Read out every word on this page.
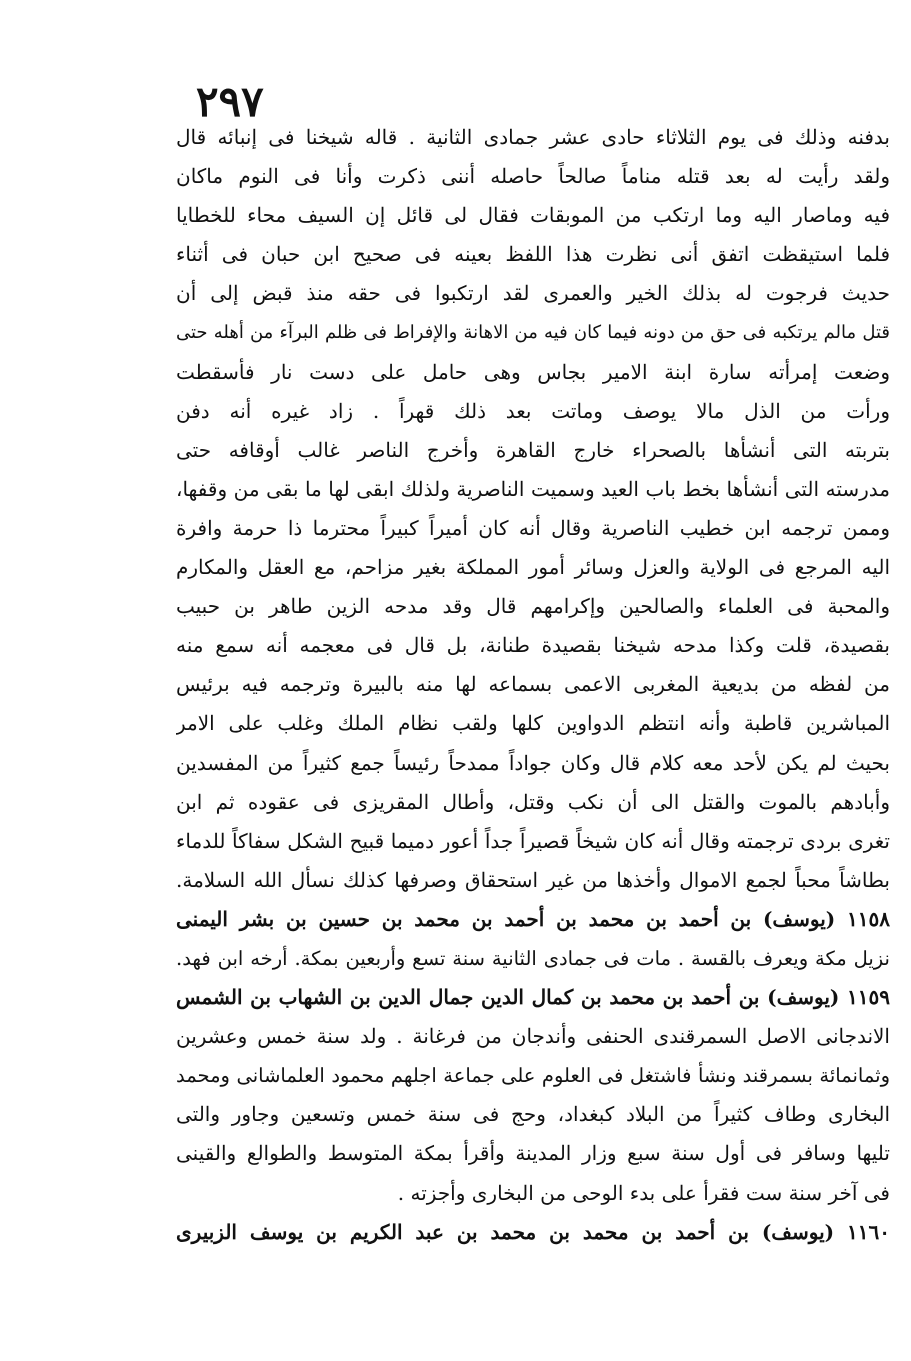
٢٩٧
بدفنه وذلك فى يوم الثلاثاء حادى عشر جمادى الثانية . قاله شيخنا فى إنبائه قال
ولقد رأيت له بعد قتله مناماً صالحاً حاصله أننى ذكرت وأنا فى النوم ماكان
فيه وماصار اليه وما ارتكب من الموبقات فقال لى قائل إن السيف محاء للخطايا
فلما استيقظت اتفق أنى نظرت هذا اللفظ بعينه فى صحيح ابن حبان فى أثناء
حديث فرجوت له بذلك الخير والعمرى لقد ارتكبوا فى حقه منذ قبض إلى أن
قتل مالم يرتكبه فى حق من دونه فيما كان فيه من الاهانة والإفراط فى ظلم البرآء من أهله حتى
وضعت إمرأته سارة ابنة الامير بجاس وهى حامل على دست نار فأسقطت
ورأت من الذل مالا يوصف وماتت بعد ذلك قهراً . زاد غيره أنه دفن
بتربته التى أنشأها بالصحراء خارج القاهرة وأخرج الناصر غالب أوقافه حتى
مدرسته التى أنشأها بخط باب العيد وسميت الناصرية ولذلك ابقى لها ما بقى من وقفها،
وممن ترجمه ابن خطيب الناصرية وقال أنه كان أميراً كبيراً محترما ذا حرمة وافرة
اليه المرجع فى الولاية والعزل وسائر أمور المملكة بغير مزاحم، مع العقل والمكارم
والمحبة فى العلماء والصالحين وإكرامهم قال وقد مدحه الزين طاهر بن حبيب
بقصيدة، قلت وكذا مدحه شيخنا بقصيدة طنانة، بل قال فى معجمه أنه سمع منه
من لفظه من بديعية المغربى الاعمى بسماعه لها منه بالبيرة وترجمه فيه برئيس
المباشرين قاطبة وأنه انتظم الدواوين كلها ولقب نظام الملك وغلب على الامر
بحيث لم يكن لأحد معه كلام قال وكان جواداً ممدحاً رئيساً جمع كثيراً من المفسدين
وأبادهم بالموت والقتل الى أن نكب وقتل، وأطال المقريزى فى عقوده ثم ابن
تغرى بردى ترجمته وقال أنه كان شيخاً قصيراً جداً أعور دميما قبيح الشكل سفاكاً للدماء
بطاشاً محباً لجمع الاموال وأخذها من غير استحقاق وصرفها كذلك نسأل الله السلامة.
١١٥٨ (يوسف) بن أحمد بن محمد بن أحمد بن محمد بن حسين بن بشر اليمنى
نزيل مكة ويعرف بالقسة . مات فى جمادى الثانية سنة تسع وأربعين بمكة. أرخه ابن فهد.
١١٥٩ (يوسف) بن أحمد بن محمد بن كمال الدين جمال الدين بن الشهاب بن الشمس
الاندجانى الاصل السمرقندى الحنفى وأندجان من فرغانة . ولد سنة خمس وعشرين
وثمانمائة بسمرقند ونشأ فاشتغل فى العلوم على جماعة اجلهم محمود العلماشانى ومحمد
البخارى وطاف كثيراً من البلاد كبغداد، وحج فى سنة خمس وتسعين وجاور والتى
تليها وسافر فى أول سنة سبع وزار المدينة وأقرأ بمكة المتوسط والطوالع والقينى
فى آخر سنة ست فقرأ على بدء الوحى من البخارى وأجزته .
١١٦٠ (يوسف) بن أحمد بن محمد بن محمد بن عبد الكريم بن يوسف الزبيرى
